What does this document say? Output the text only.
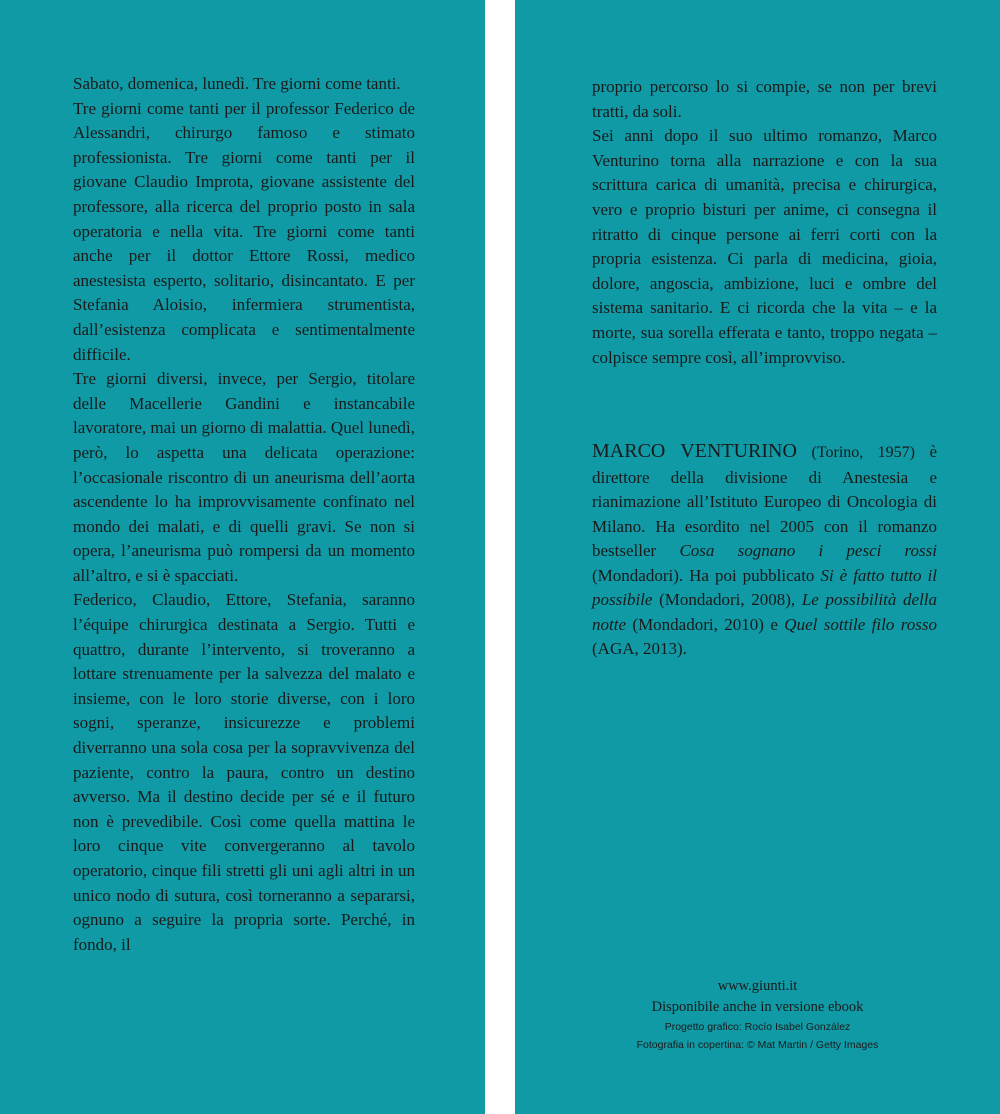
Sabato, domenica, lunedì. Tre giorni come tanti.

Tre giorni come tanti per il professor Federico de Alessandri, chirurgo famoso e stimato professionista. Tre giorni come tanti per il giovane Claudio Improta, giovane assistente del professore, alla ricerca del proprio posto in sala operatoria e nella vita. Tre giorni come tanti anche per il dottor Ettore Rossi, medico anestesista esperto, solitario, disincantato. E per Stefania Aloisio, infermiera strumentista, dall’esistenza complicata e sentimentalmente difficile.

Tre giorni diversi, invece, per Sergio, titolare delle Macellerie Gandini e instancabile lavoratore, mai un giorno di malattia. Quel lunedì, però, lo aspetta una delicata operazione: l’occasionale riscontro di un aneurisma dell’aorta ascendente lo ha improvvisamente confinato nel mondo dei malati, e di quelli gravi. Se non si opera, l’aneurisma può rompersi da un momento all’altro, e si è spacciati.

Federico, Claudio, Ettore, Stefania, saranno l’équipe chirurgica destinata a Sergio. Tutti e quattro, durante l’intervento, si troveranno a lottare strenuamente per la salvezza del malato e insieme, con le loro storie diverse, con i loro sogni, speranze, insicurezze e problemi diverranno una sola cosa per la sopravvivenza del paziente, contro la paura, contro un destino avverso. Ma il destino decide per sé e il futuro non è prevedibile. Così come quella mattina le loro cinque vite convergeranno al tavolo operatorio, cinque fili stretti gli uni agli altri in un unico nodo di sutura, così torneranno a separarsi, ognuno a seguire la propria sorte. Perché, in fondo, il

proprio percorso lo si compie, se non per brevi tratti, da soli.

Sei anni dopo il suo ultimo romanzo, Marco Venturino torna alla narrazione e con la sua scrittura carica di umanità, precisa e chirurgica, vero e proprio bisturi per anime, ci consegna il ritratto di cinque persone ai ferri corti con la propria esistenza. Ci parla di medicina, gioia, dolore, angoscia, ambizione, luci e ombre del sistema sanitario. E ci ricorda che la vita – e la morte, sua sorella efferata e tanto, troppo negata – colpisce sempre così, all’improvviso.

MARCO VENTURINO (Torino, 1957) è direttore della divisione di Anestesia e rianimazione all’Istituto Europeo di Oncologia di Milano. Ha esordito nel 2005 con il romanzo bestseller Cosa sognano i pesci rossi (Mondadori). Ha poi pubblicato Si è fatto tutto il possibile (Mondadori, 2008), Le possibilità della notte (Mondadori, 2010) e Quel sottile filo rosso (AGA, 2013).

www.giunti.it
Disponibile anche in versione ebook
Progetto grafico: Rocío Isabel González
Fotografia in copertina: © Mat Martin / Getty Images
